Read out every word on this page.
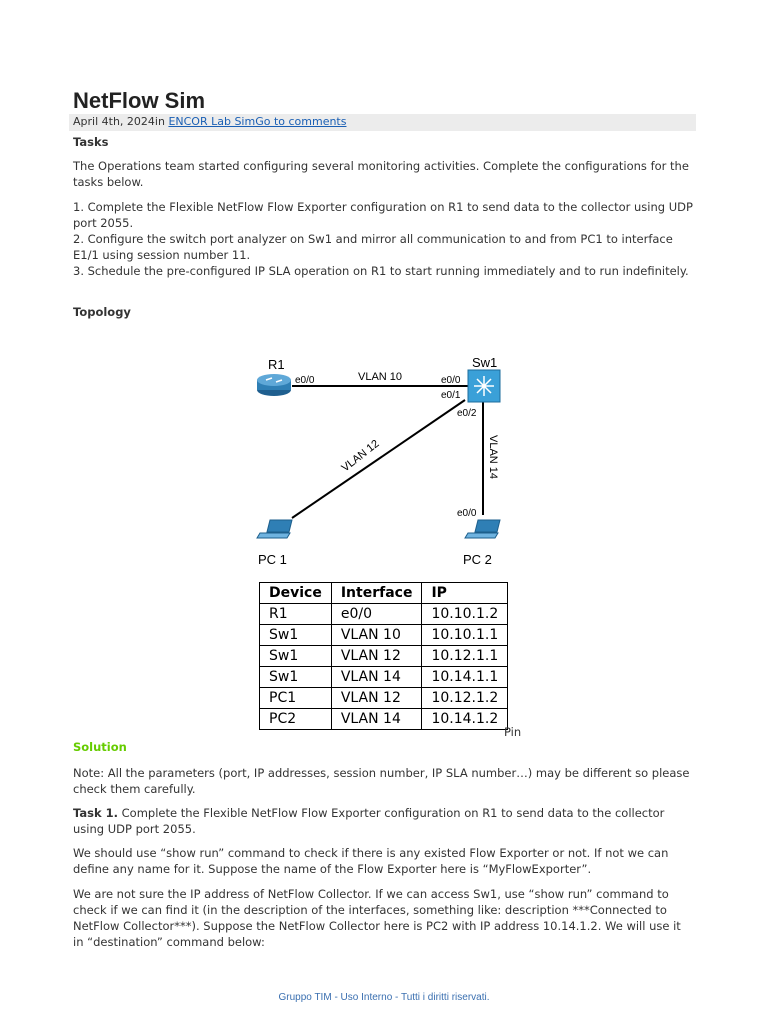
NetFlow Sim
April 4th, 2024in ENCOR Lab SimGo to comments
Tasks

The Operations team started configuring several monitoring activities. Complete the configurations for the tasks below.

1. Complete the Flexible NetFlow Flow Exporter configuration on R1 to send data to the collector using UDP port 2055.

2. Configure the switch port analyzer on Sw1 and mirror all communication to and from PC1 to interface E1/1 using session number 11.

3. Schedule the pre-configured IP SLA operation on R1 to start running immediately and to run indefinitely.

Topology
R1	Sw1
PC 1	PC 2
e0/0	e0/0
e0/1
e0/2
e0/0
VLAN 10
VLAN 12	VLAN 14
Device	Interface	IP
R1	e0/0	10.10.1.2
Sw1	VLAN 10	10.10.1.1
Sw1	VLAN 12	10.12.1.1
Sw1	VLAN 14	10.14.1.1
PC1	VLAN 12	10.12.1.2
PC2	VLAN 14	10.14.1.2
Pin
Solution

Note: All the parameters (port, IP addresses, session number, IP SLA number…) may be different so please check them carefully.

Task 1. Complete the Flexible NetFlow Flow Exporter configuration on R1 to send data to the collector using UDP port 2055.

We should use “show run” command to check if there is any existed Flow Exporter or not. If not we can define any name for it. Suppose the name of the Flow Exporter here is “MyFlowExporter”.

We are not sure the IP address of NetFlow Collector. If we can access Sw1, use “show run” command to check if we can find it (in the description of the interfaces, something like: description ***Connected to NetFlow Collector***). Suppose the NetFlow Collector here is PC2 with IP address 10.14.1.2. We will use it in “destination” command below:

Gruppo TIM - Uso Interno - Tutti i diritti riservati.
